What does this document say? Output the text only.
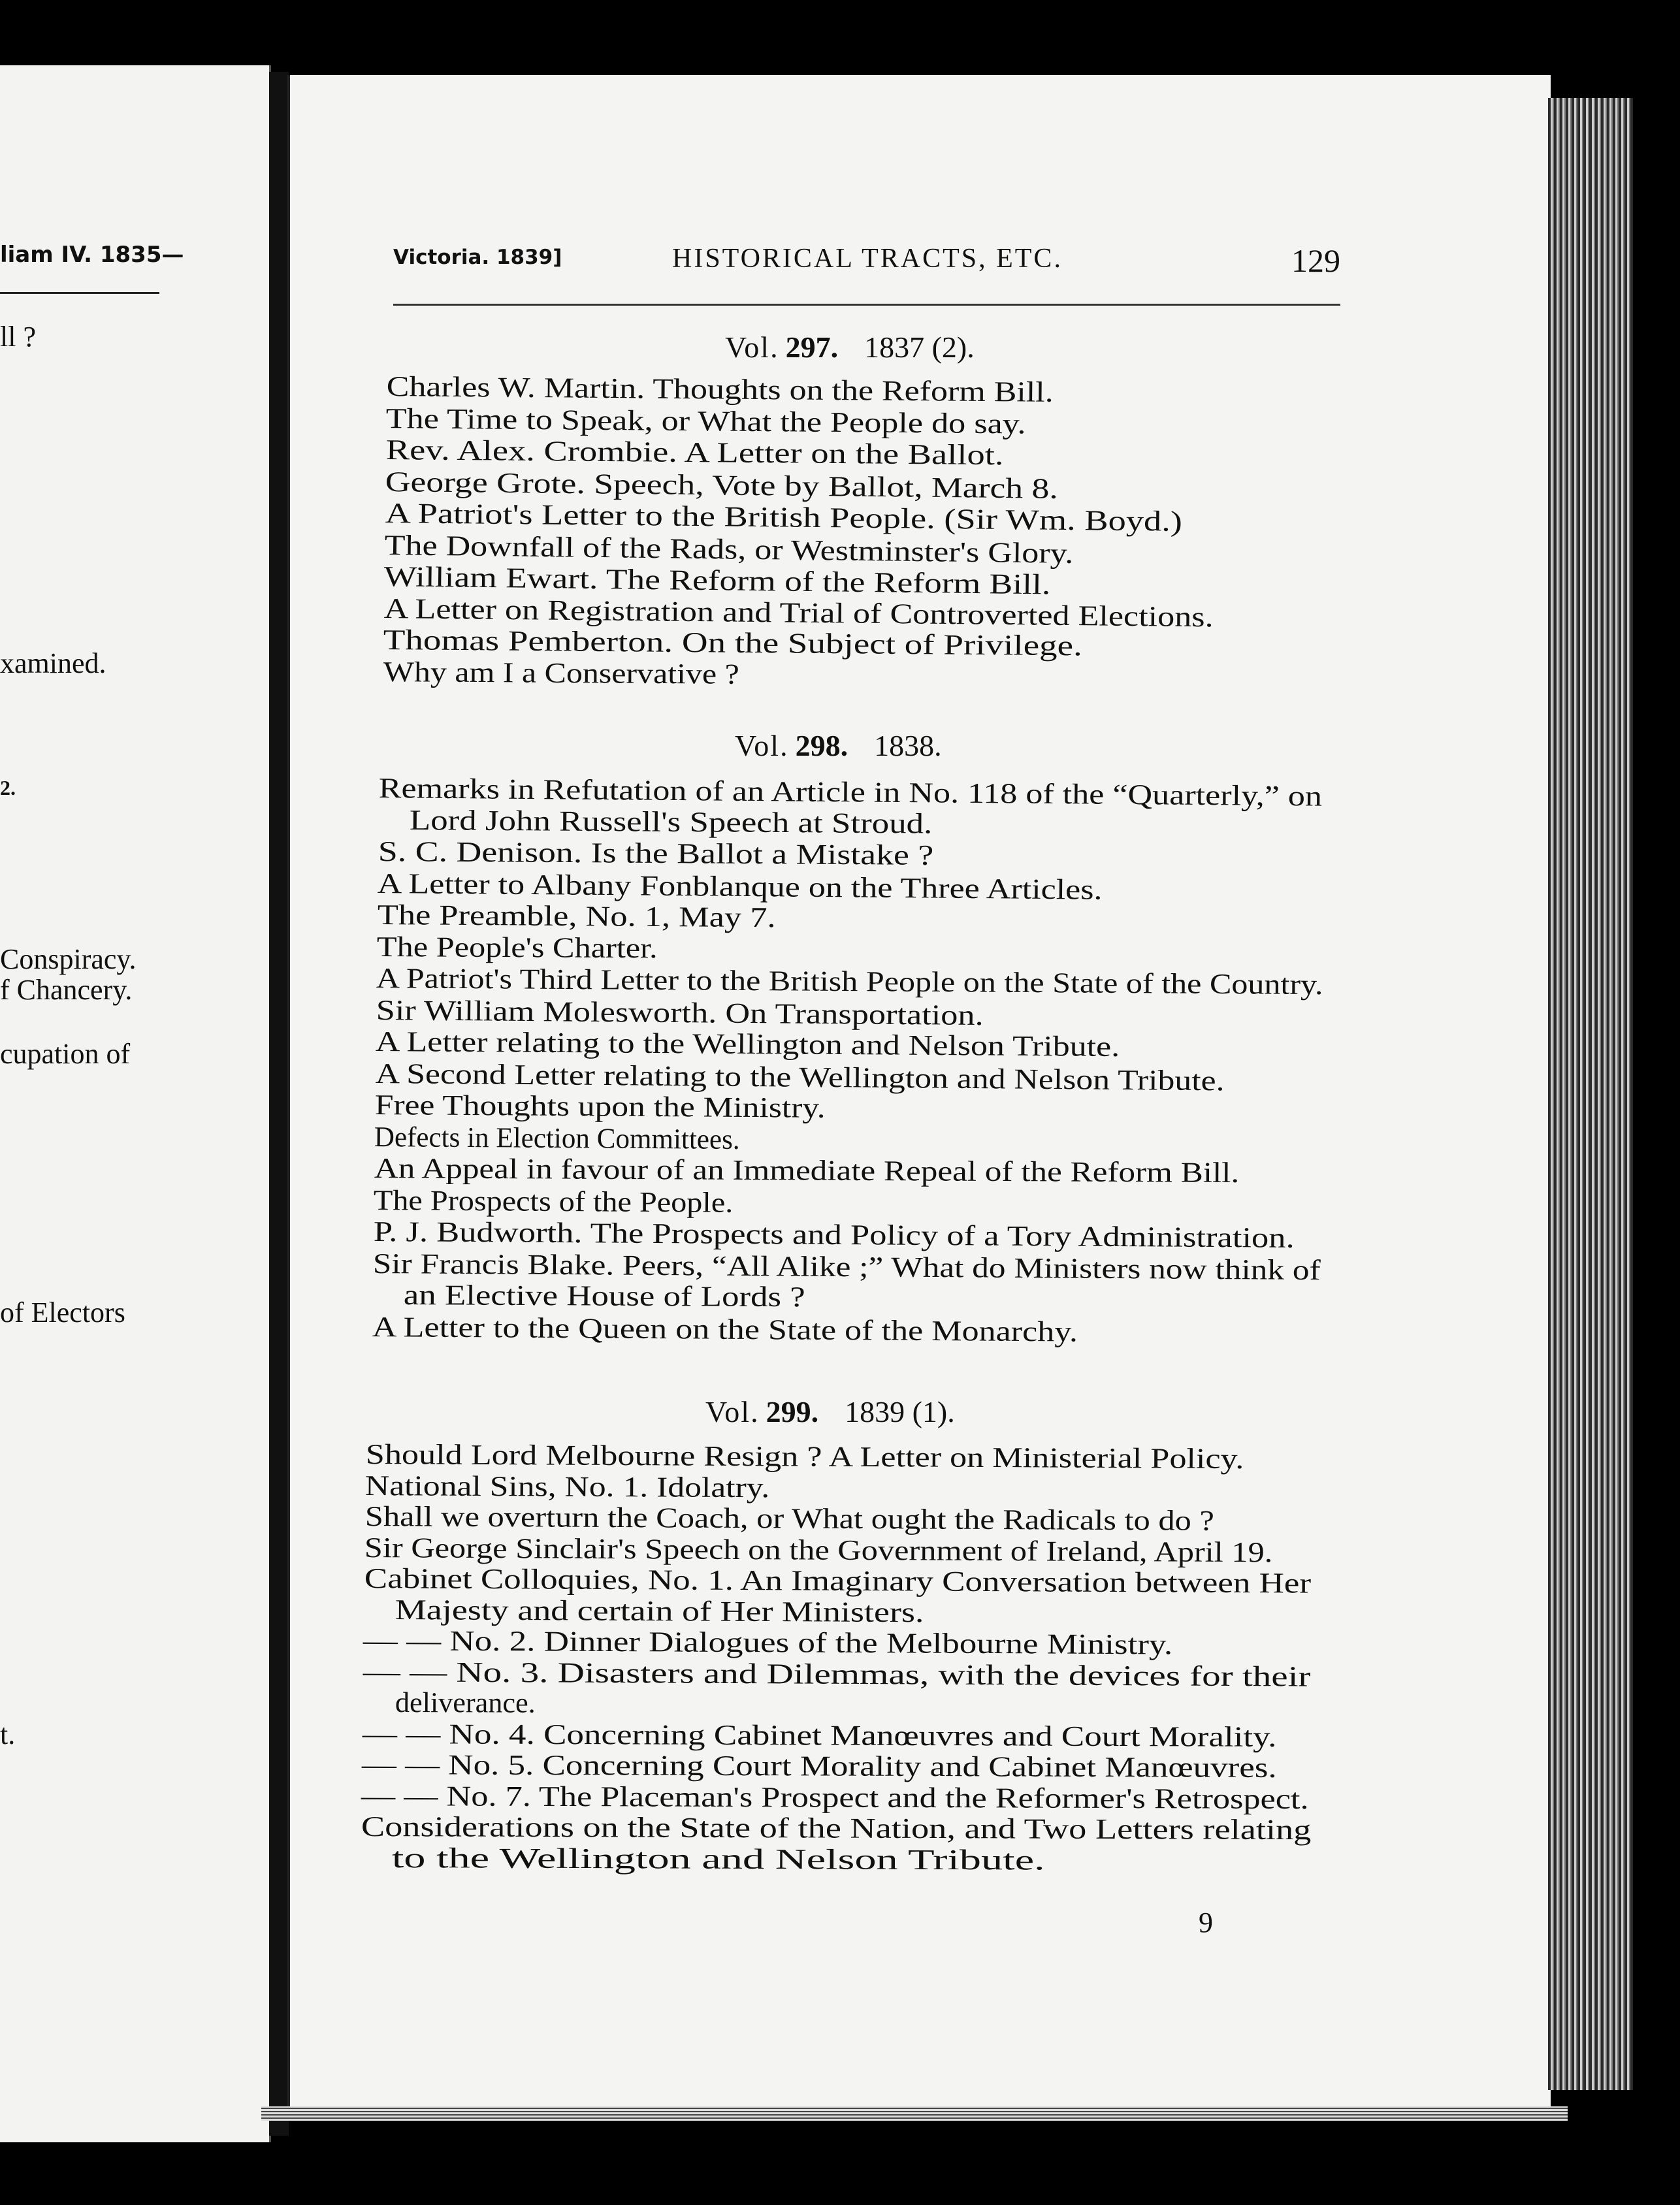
liam IV. 1835—
ll ?
xamined.
2.
Conspiracy.
f Chancery.
cupation of
of Electors
t.
Victoria. 1839]	HISTORICAL TRACTS, ETC.	129
Vol. 297. 1837 (2).
Charles W. Martin. Thoughts on the Reform Bill.
The Time to Speak, or What the People do say.
Rev. Alex. Crombie. A Letter on the Ballot.
George Grote. Speech, Vote by Ballot, March 8.
A Patriot's Letter to the British People. (Sir Wm. Boyd.)
The Downfall of the Rads, or Westminster's Glory.
William Ewart. The Reform of the Reform Bill.
A Letter on Registration and Trial of Controverted Elections.
Thomas Pemberton. On the Subject of Privilege.
Why am I a Conservative ?
Vol. 298. 1838.
Remarks in Refutation of an Article in No. 118 of the “Quarterly,” on
Lord John Russell's Speech at Stroud.
S. C. Denison. Is the Ballot a Mistake ?
A Letter to Albany Fonblanque on the Three Articles.
The Preamble, No. 1, May 7.
The People's Charter.
A Patriot's Third Letter to the British People on the State of the Country.
Sir William Molesworth. On Transportation.
A Letter relating to the Wellington and Nelson Tribute.
A Second Letter relating to the Wellington and Nelson Tribute.
Free Thoughts upon the Ministry.
Defects in Election Committees.
An Appeal in favour of an Immediate Repeal of the Reform Bill.
The Prospects of the People.
P. J. Budworth. The Prospects and Policy of a Tory Administration.
Sir Francis Blake. Peers, “All Alike ;” What do Ministers now think of
an Elective House of Lords ?
A Letter to the Queen on the State of the Monarchy.
Vol. 299. 1839 (1).
Should Lord Melbourne Resign ? A Letter on Ministerial Policy.
National Sins, No. 1. Idolatry.
Shall we overturn the Coach, or What ought the Radicals to do ?
Sir George Sinclair's Speech on the Government of Ireland, April 19.
Cabinet Colloquies, No. 1. An Imaginary Conversation between Her
Majesty and certain of Her Ministers.
— — No. 2. Dinner Dialogues of the Melbourne Ministry.
— — No. 3. Disasters and Dilemmas, with the devices for their
deliverance.
— — No. 4. Concerning Cabinet Manœuvres and Court Morality.
— — No. 5. Concerning Court Morality and Cabinet Manœuvres.
— — No. 7. The Placeman's Prospect and the Reformer's Retrospect.
Considerations on the State of the Nation, and Two Letters relating
to the Wellington and Nelson Tribute.
9
